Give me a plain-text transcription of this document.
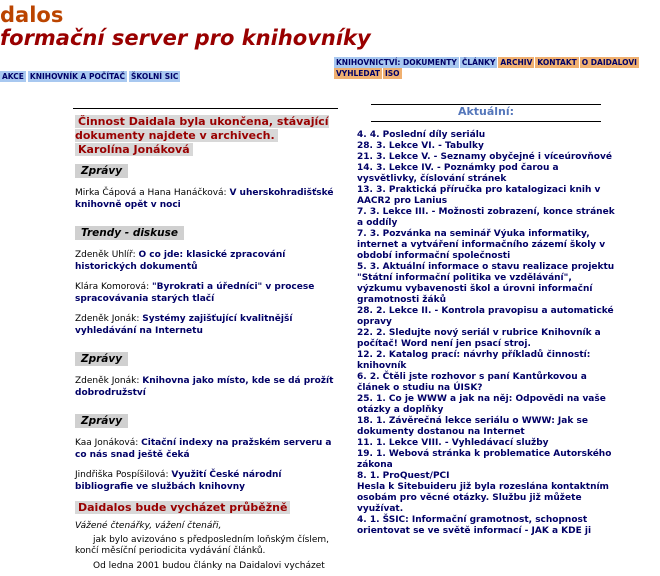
dalos
formační server pro knihovníky
KNIHOVNICTVÍ: DOKUMENTY ČLÁNKY ARCHIV KONTAKT O DAIDALOVIVYHLEDAT ISO
AKCE KNIHOVNÍK A POČÍTAČ ŠKOLNÍ SIC
Činnost Daidala byla ukončena, stávající dokumenty najdete v archivech.
Karolína Jonáková
Zprávy
Mirka Čápová a Hana Hanáčková: V uherskohradišťské knihovně opět v noci
Trendy - diskuse
Zdeněk Uhlíř: O co jde: klasické zpracování historických dokumentů
Klára Komorová: "Byrokrati a úředníci" v procese spracovávania starých tlačí
Zdeněk Jonák: Systémy zajišťující kvalitnější vyhledávání na Internetu
Zprávy
Zdeněk Jonák: Knihovna jako místo, kde se dá prožít dobrodružství
Zprávy
Kaa Jonáková: Citační indexy na pražském serveru a co nás snad ještě čeká
Jindřiška Pospíšilová: Využití České národní bibliografie ve službách knihovny
Daidalos bude vycházet průběžně
Vážené čtenářky, vážení čtenáři,
jak bylo avizováno s předposledním loňským číslem, končí měsíční periodicita vydávání článků.
Od ledna 2001 budou články na Daidalovi vycházet
Aktuální:
4. 4. Poslední díly seriálu
28. 3. Lekce VI. - Tabulky
21. 3. Lekce V. - Seznamy obyčejné i víceúrovňové
14. 3. Lekce IV. - Poznámky pod čarou a vysvětlivky, číslování stránek
13. 3. Praktická příručka pro katalogizaci knih v AACR2 pro Lanius
7. 3. Lekce III. - Možnosti zobrazení, konce stránek a oddíly
7. 3. Pozvánka na seminář Výuka informatiky, internet a vytváření informačního zázemí školy v období informační společnosti
5. 3. Aktuální informace o stavu realizace projektu "Státní informační politika ve vzdělávání", výzkumu vybavenosti škol a úrovni informační gramotnosti žáků
28. 2. Lekce II. - Kontrola pravopisu a automatické opravy
22. 2. Sledujte nový seriál v rubrice Knihovník a počítač! Word není jen psací stroj.
12. 2. Katalog prací: návrhy příkladů činností: knihovník
6. 2. Čtěli jste rozhovor s paní Kantůrkovou a článek o studiu na ÚISK?
25. 1. Co je WWW a jak na něj: Odpovědi na vaše otázky a doplňky
18. 1. Závěrečná lekce seriálu o WWW: Jak se dokumenty dostanou na Internet
11. 1. Lekce VIII. - Vyhledávací služby
19. 1. Webová stránka k problematice Autorského zákona
8. 1. ProQuest/PCI
Hesla k Sitebuideru již byla rozeslána kontaktním osobám pro věcné otázky. Službu již můžete využívat.
4. 1. ŠSIC: Informační gramotnost, schopnost orientovat se ve světě informací - JAK a KDE ji
